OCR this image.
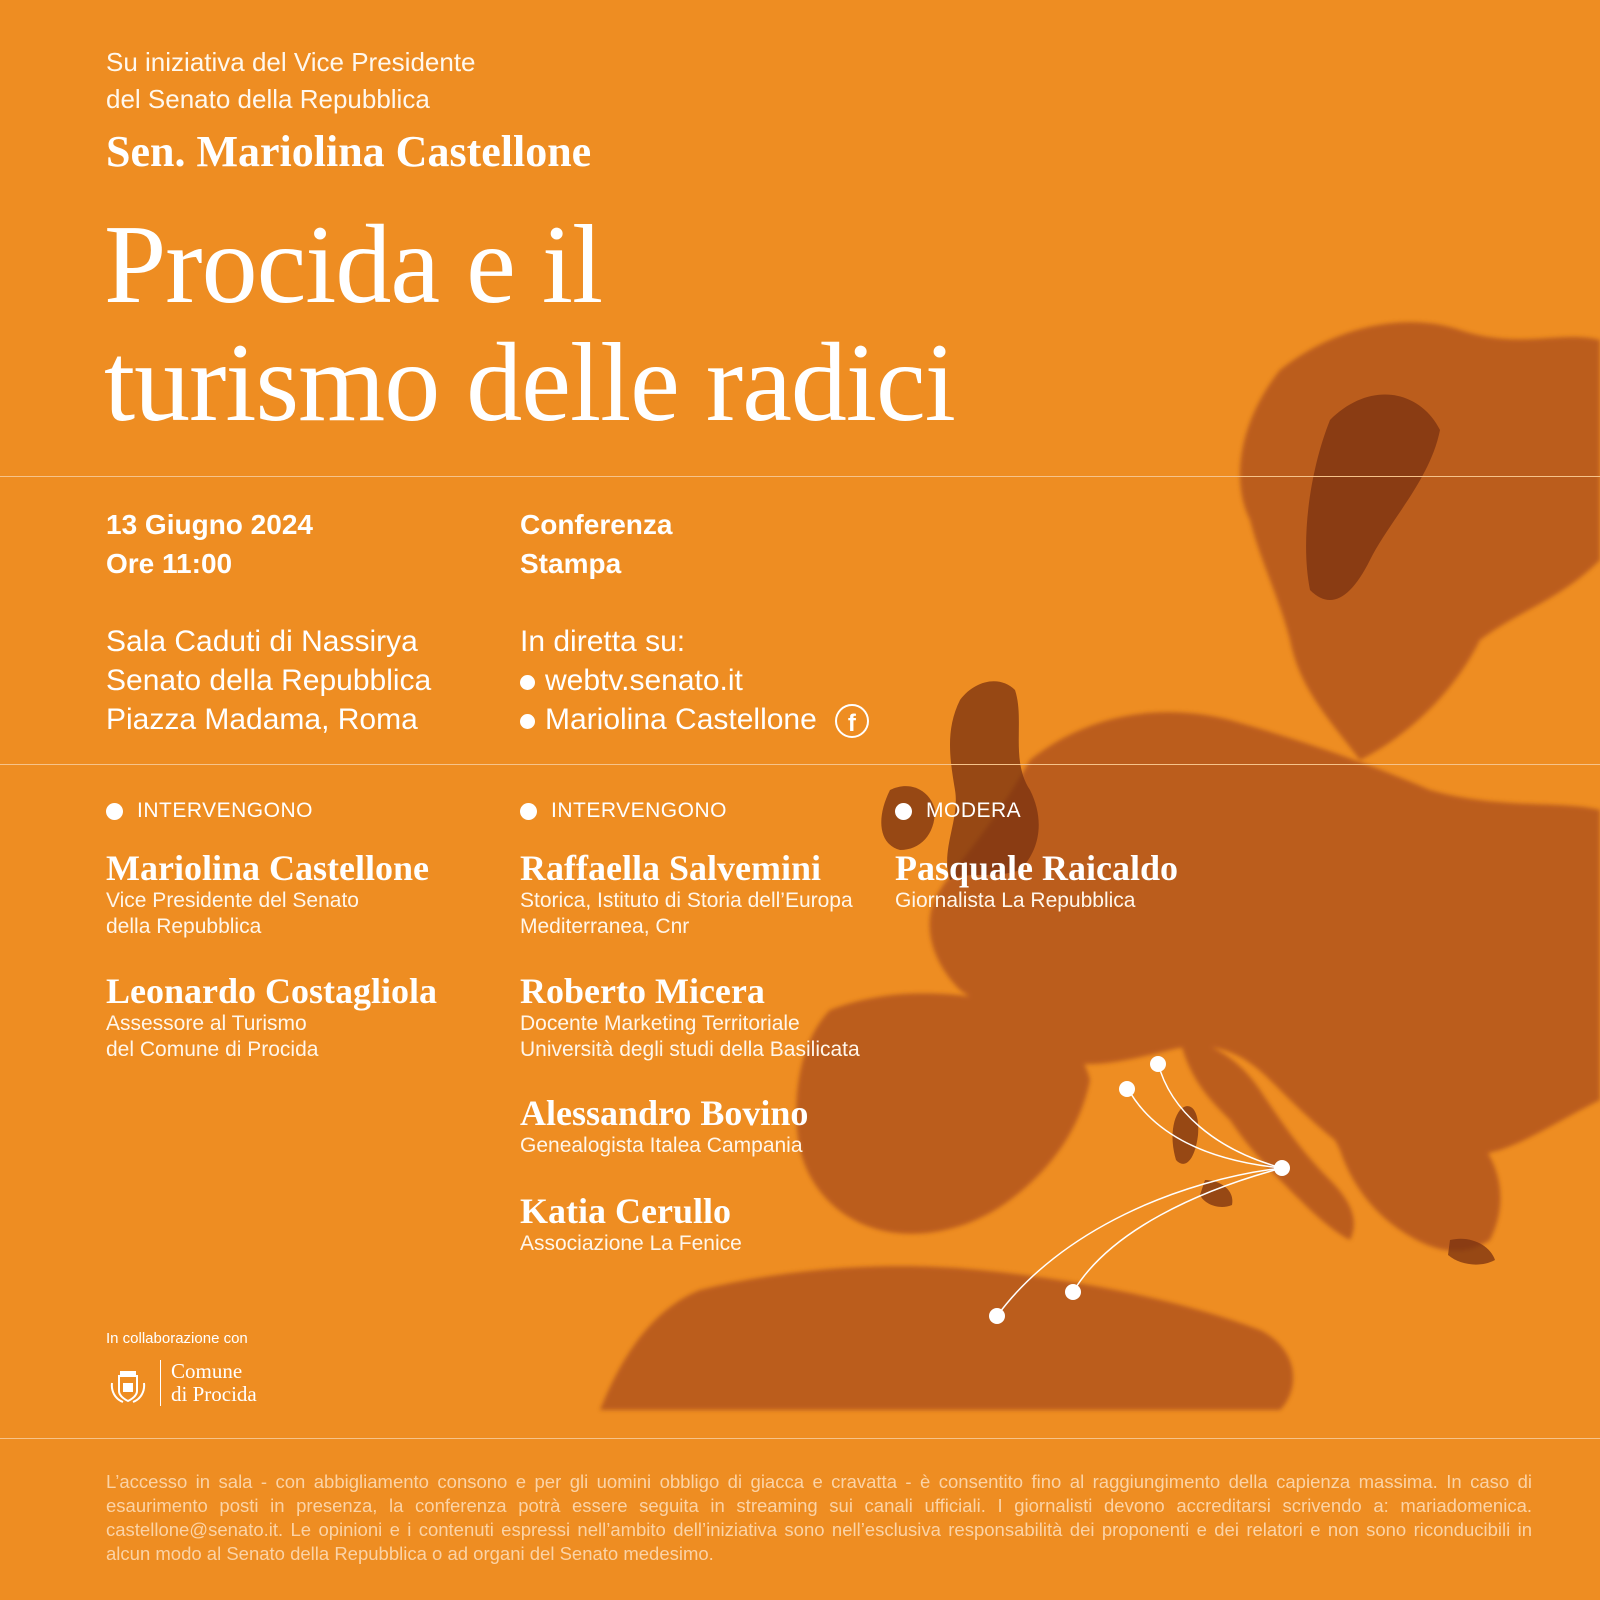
Su iniziativa del Vice Presidente
del Senato della Repubblica
Sen. Mariolina Castellone
Procida e il
turismo delle radici
13 Giugno 2024
Ore 11:00
Conferenza
Stampa
Sala Caduti di Nassirya
Senato della Repubblica
Piazza Madama, Roma
In diretta su:
webtv.senato.it
Mariolina Castellone f
INTERVENGONO
Mariolina Castellone
Vice Presidente del Senato
della Repubblica
Leonardo Costagliola
Assessore al Turismo
del Comune di Procida
INTERVENGONO
Raffaella Salvemini
Storica, Istituto di Storia dell’Europa
Mediterranea, Cnr
Roberto Micera
Docente Marketing Territoriale
Università degli studi della Basilicata
Alessandro Bovino
Genealogista Italea Campania
Katia Cerullo
Associazione La Fenice
MODERA
Pasquale Raicaldo
Giornalista La Repubblica
In collaborazione con
Comune
di Procida
L’accesso in sala - con abbigliamento consono e per gli uomini obbligo di giacca e cravatta - è consentito fino al raggiungimento della capienza massima. In caso di esaurimento posti in presenza, la conferenza potrà essere seguita in streaming sui canali ufficiali. I giornalisti devono accreditarsi scrivendo a: mariadomenica. castellone@senato.it. Le opinioni e i contenuti espressi nell’ambito dell’iniziativa sono nell’esclusiva responsabilità dei proponenti e dei relatori e non sono riconducibili in alcun modo al Senato della Repubblica o ad organi del Senato medesimo.
